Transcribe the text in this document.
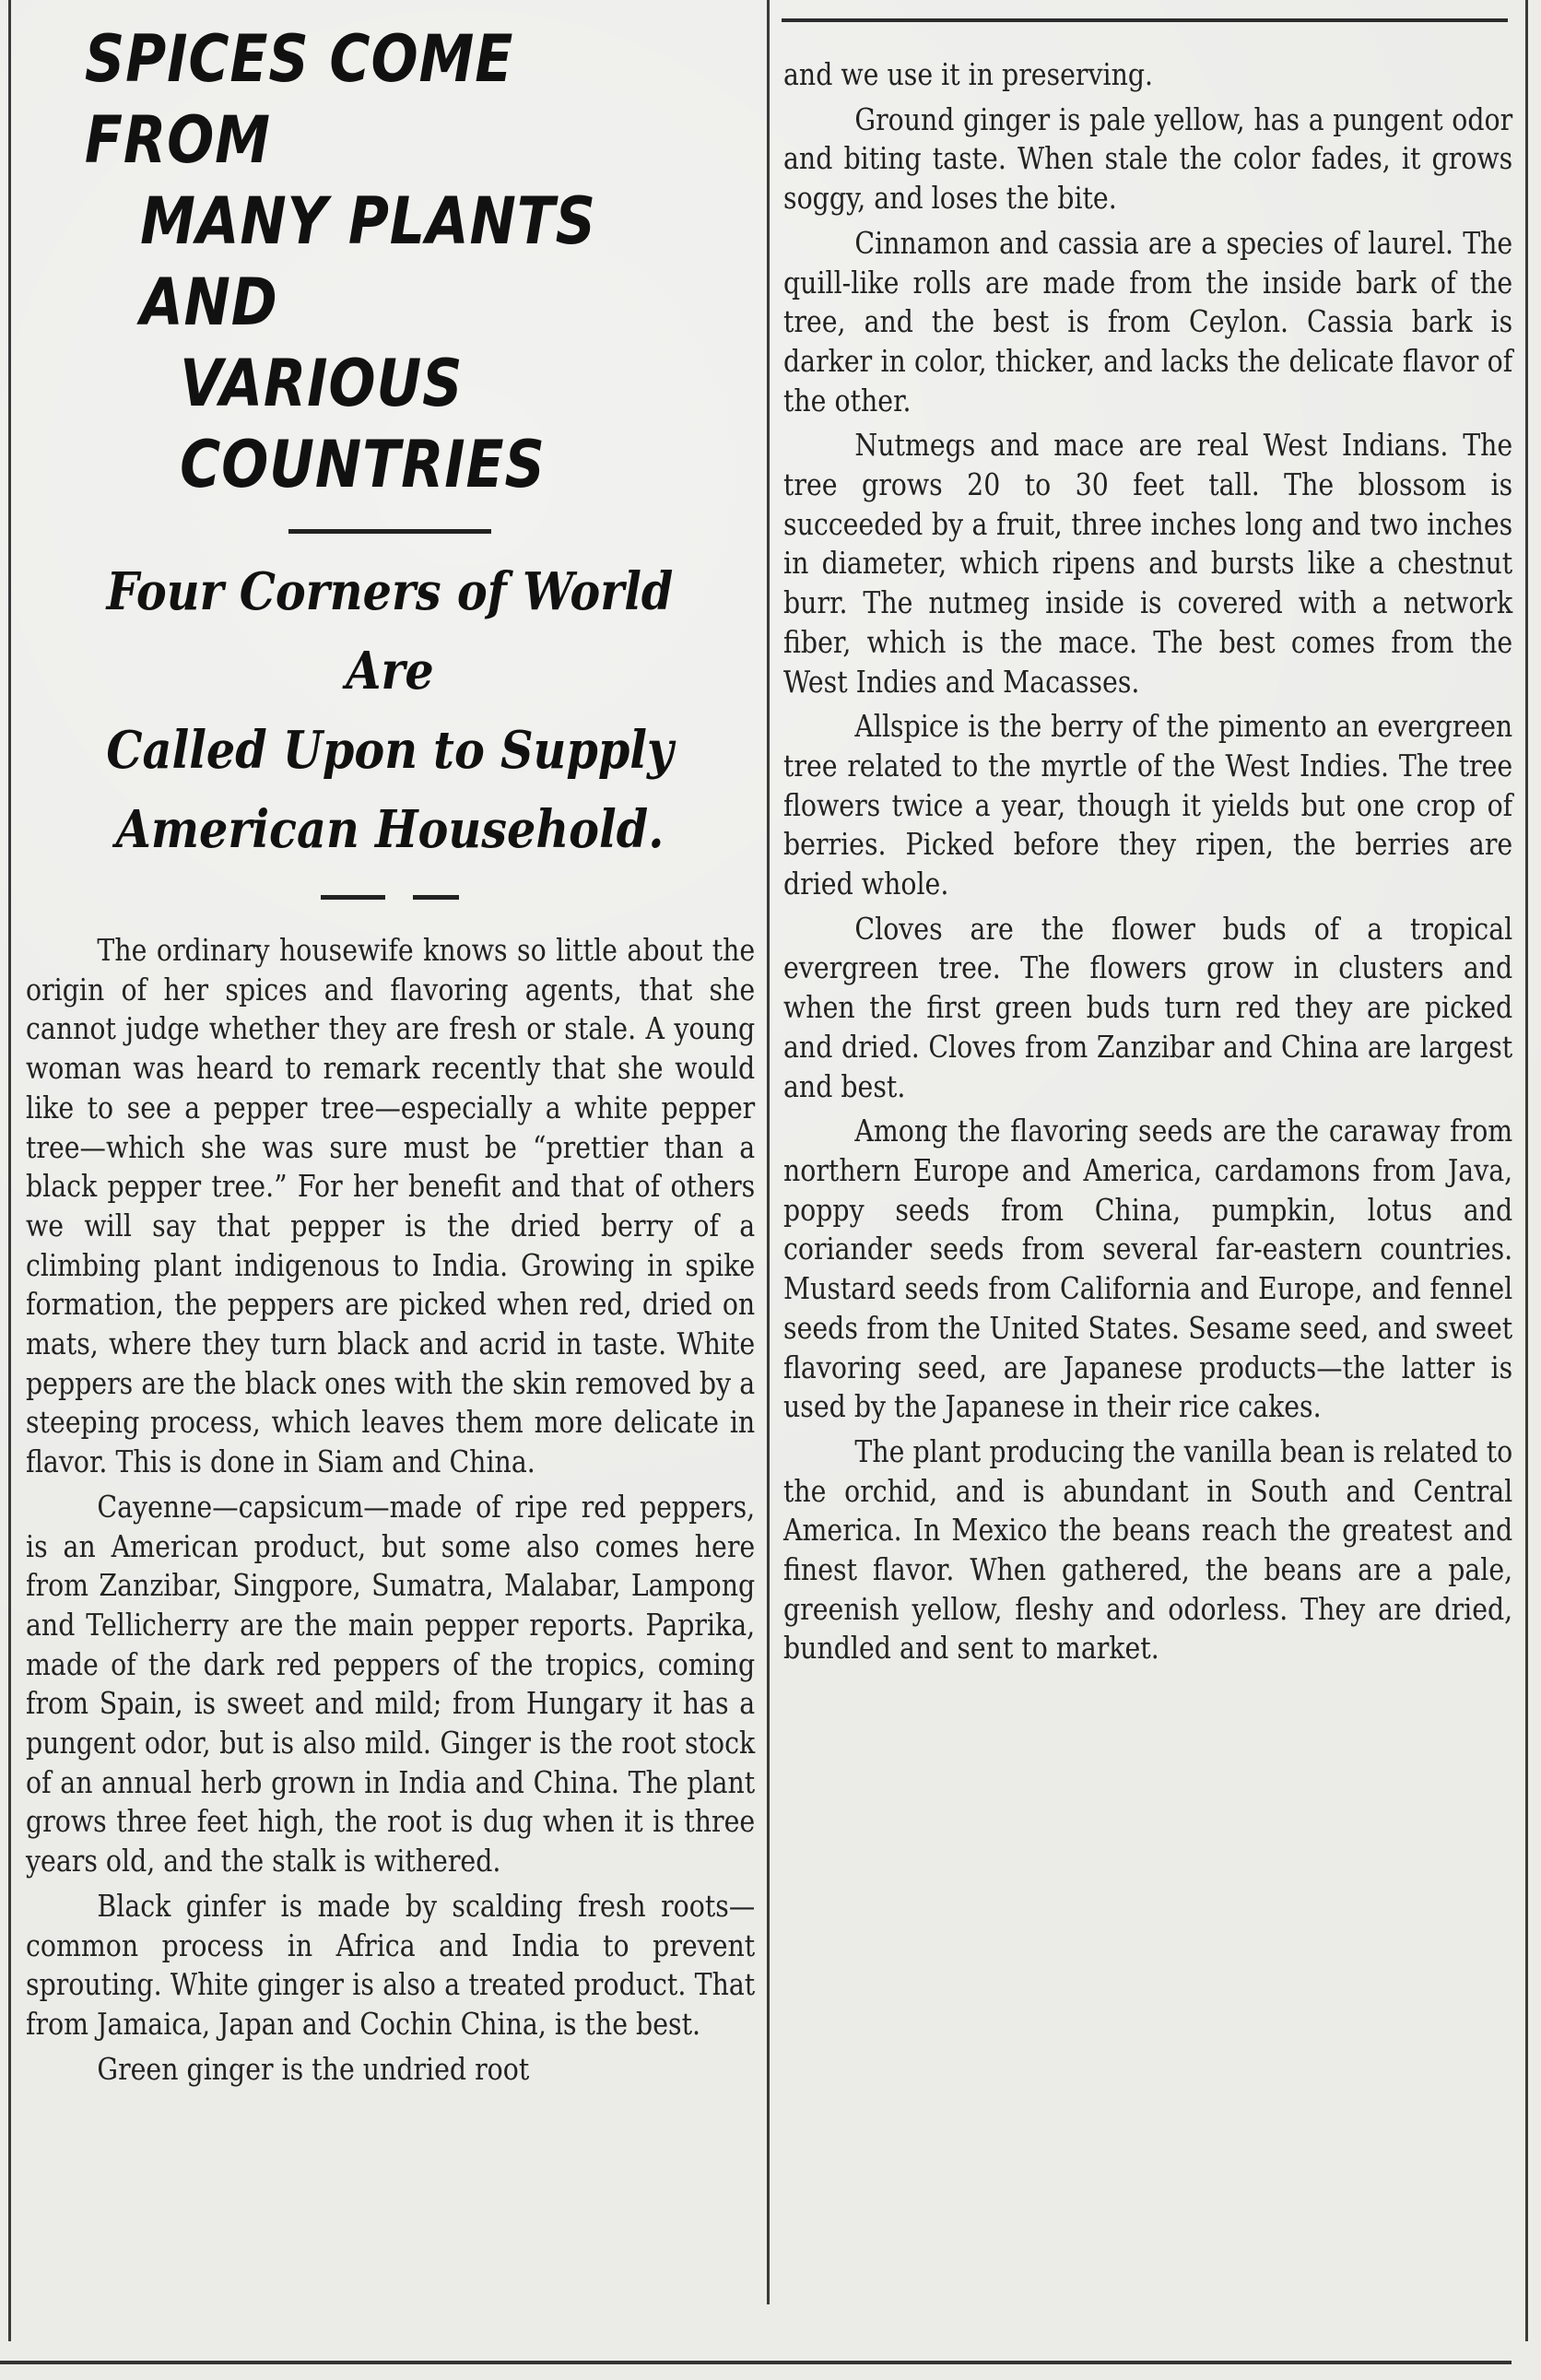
SPICES COME FROM
MANY PLANTS AND
VARIOUS COUNTRIES
Four Corners of World Are
Called Upon to Supply
American Household.

The ordinary housewife knows so little about the origin of her spices and flavoring agents, that she cannot judge whether they are fresh or stale. A young woman was heard to remark recently that she would like to see a pepper tree—especially a white pepper tree—which she was sure must be “prettier than a black pepper tree.” For her benefit and that of others we will say that pepper is the dried berry of a climbing plant indigenous to India. Growing in spike formation, the peppers are picked when red, dried on mats, where they turn black and acrid in taste. White peppers are the black ones with the skin removed by a steeping process, which leaves them more delicate in flavor. This is done in Siam and China.

Cayenne—capsicum—made of ripe red peppers, is an American product, but some also comes here from Zanzibar, Singpore, Sumatra, Malabar, Lampong and Tellicherry are the main pepper reports. Paprika, made of the dark red peppers of the tropics, coming from Spain, is sweet and mild; from Hungary it has a pungent odor, but is also mild. Ginger is the root stock of an annual herb grown in India and China. The plant grows three feet high, the root is dug when it is three years old, and the stalk is withered.

Black ginfer is made by scalding fresh roots—common process in Africa and India to prevent sprouting. White ginger is also a treated product. That from Jamaica, Japan and Cochin China, is the best.

Green ginger is the undried root

and we use it in preserving.

Ground ginger is pale yellow, has a pungent odor and biting taste. When stale the color fades, it grows soggy, and loses the bite.

Cinnamon and cassia are a species of laurel. The quill-like rolls are made from the inside bark of the tree, and the best is from Ceylon. Cassia bark is darker in color, thicker, and lacks the delicate flavor of the other.

Nutmegs and mace are real West Indians. The tree grows 20 to 30 feet tall. The blossom is succeeded by a fruit, three inches long and two inches in diameter, which ripens and bursts like a chestnut burr. The nutmeg inside is covered with a network fiber, which is the mace. The best comes from the West Indies and Macasses.

Allspice is the berry of the pimento an evergreen tree related to the myrtle of the West Indies. The tree flowers twice a year, though it yields but one crop of berries. Picked before they ripen, the berries are dried whole.

Cloves are the flower buds of a tropical evergreen tree. The flowers grow in clusters and when the first green buds turn red they are picked and dried. Cloves from Zanzibar and China are largest and best.

Among the flavoring seeds are the caraway from northern Europe and America, cardamons from Java, poppy seeds from China, pumpkin, lotus and coriander seeds from several far-eastern countries. Mustard seeds from California and Europe, and fennel seeds from the United States. Sesame seed, and sweet flavoring seed, are Japanese products—the latter is used by the Japanese in their rice cakes.

The plant producing the vanilla bean is related to the orchid, and is abundant in South and Central America. In Mexico the beans reach the greatest and finest flavor. When gathered, the beans are a pale, greenish yellow, fleshy and odorless. They are dried, bundled and sent to market.
